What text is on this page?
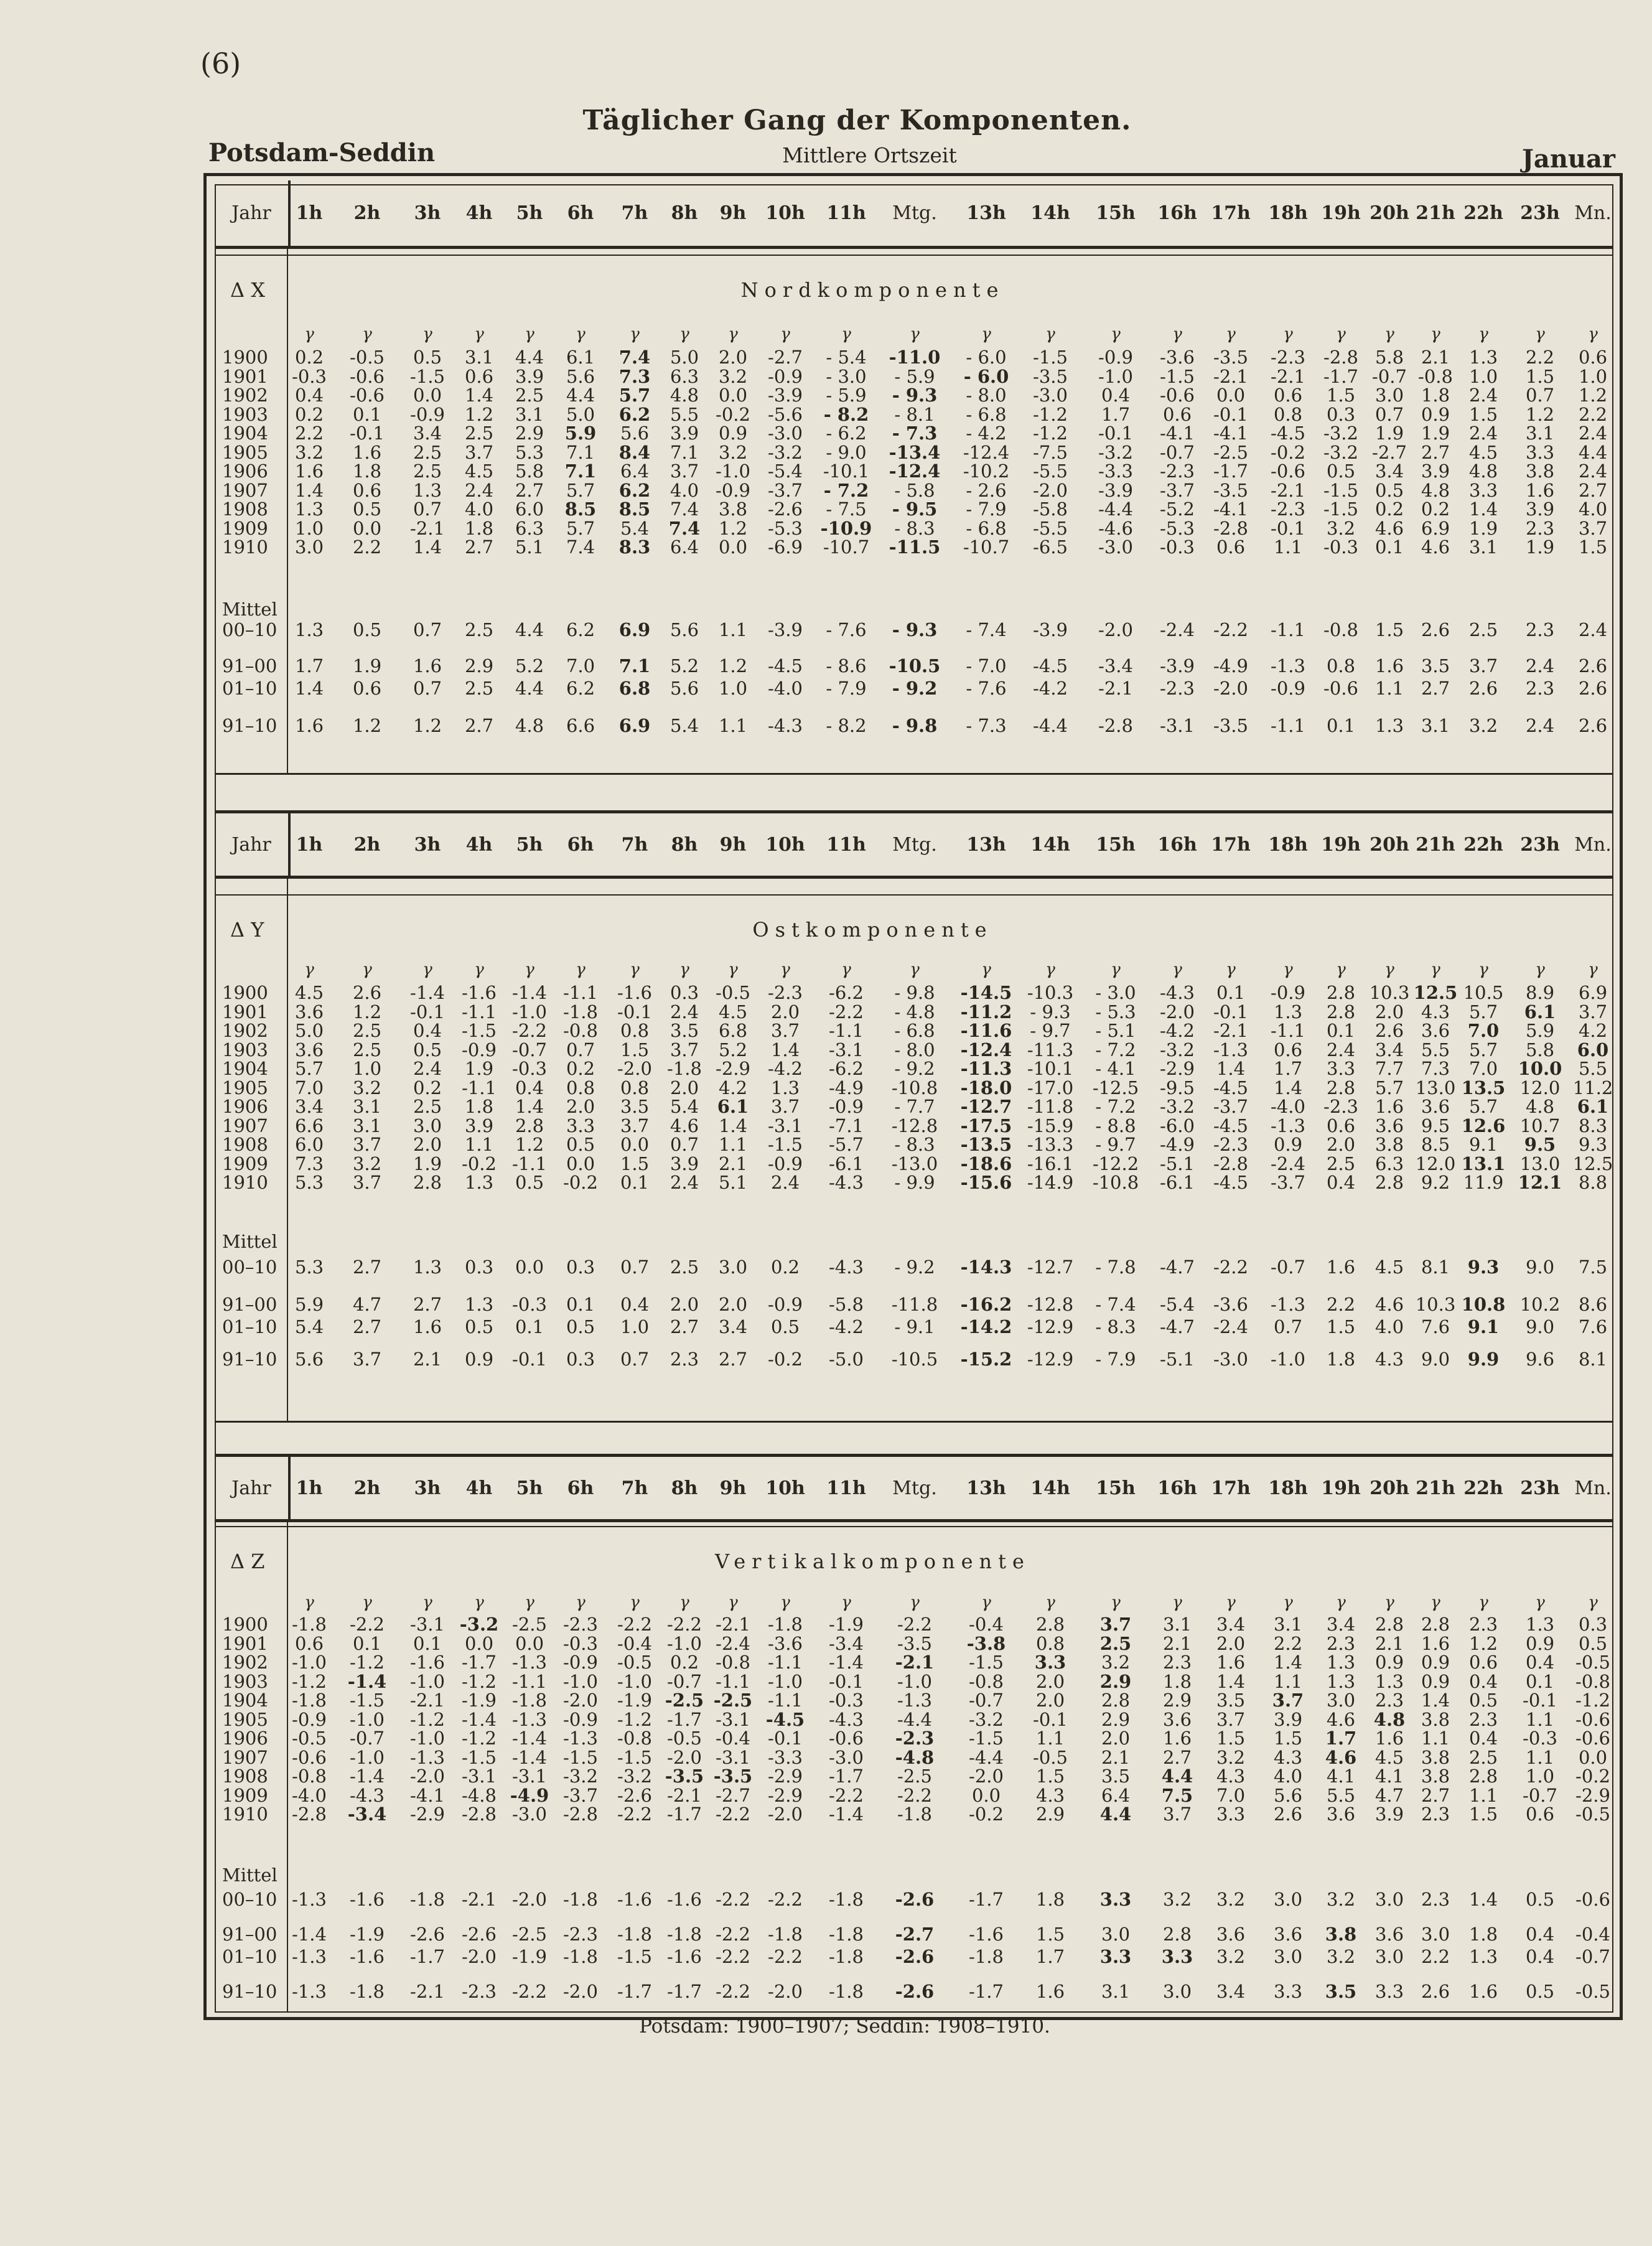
(6)
Täglicher Gang der Komponenten.
Potsdam-Seddin	Mittlere Ortszeit	Januar
Jahr	1h	2h	3h	4h	5h	6h	7h	8h	9h	10h	11h	Mtg.	13h	14h	15h	16h 17h 18h 19h 20h 21h 22h 23h Mn.
Δ X	Nordkomponente
γ	γ	γ	γ	γ	γ	γ	γ	γ	γ	γ	γ	γ	γ	γ	γ	γ	γ	γ	γ	γ	γ	γ	γ
1900	0.2	-0.5	0.5	3.1	4.4	6.1	7.4	5.0	2.0	-2.7	- 5.4	-11.0	- 6.0	-1.5	-0.9	-3.6	-3.5	-2.3	-2.8 5.8 2.1	1.3	2.2	0.6
1901	-0.3	-0.6	-1.5	0.6	3.9	5.6	7.3	6.3	3.2	-0.9	- 3.0	- 5.9	- 6.0	-3.5	-1.0	-1.5	-2.1	-2.1	-1.7 -0.7 -0.8 1.0	1.5	1.0
1902	0.4	-0.6	0.0	1.4	2.5	4.4	5.7	4.8	0.0	-3.9	- 5.9	- 9.3	- 8.0	-3.0	0.4	-0.6	0.0	0.6	1.5	3.0 1.8	2.4	0.7	1.2
1903	0.2	0.1	-0.9	1.2	3.1	5.0	6.2	5.5 -0.2 -5.6	- 8.2	- 8.1	- 6.8	-1.2	1.7	0.6	-0.1	0.8	0.3	0.7 0.9	1.5	1.2	2.2
1904	2.2	-0.1	3.4	2.5	2.9	5.9	5.6	3.9	0.9	-3.0	- 6.2	- 7.3	- 4.2	-1.2	-0.1	-4.1	-4.1	-4.5	-3.2 1.9 1.9	2.4	3.1	2.4
1905	3.2	1.6	2.5	3.7	5.3	7.1	8.4	7.1	3.2	-3.2	- 9.0	-13.4 -12.4	-7.5	-3.2	-0.7	-2.5	-0.2	-3.2 -2.7 2.7	4.5	3.3	4.4
1906	1.6	1.8	2.5	4.5	5.8	7.1	6.4	3.7 -1.0 -5.4	-10.1 -12.4 -10.2	-5.5	-3.3	-2.3	-1.7	-0.6	0.5	3.4 3.9	4.8	3.8	2.4
1907	1.4	0.6	1.3	2.4	2.7	5.7	6.2	4.0 -0.9 -3.7	- 7.2	- 5.8	- 2.6	-2.0	-3.9	-3.7	-3.5	-2.1	-1.5 0.5 4.8	3.3	1.6	2.7
1908	1.3	0.5	0.7	4.0	6.0	8.5	8.5	7.4	3.8	-2.6	- 7.5	- 9.5	- 7.9	-5.8	-4.4	-5.2	-4.1	-2.3	-1.5 0.2 0.2	1.4	3.9	4.0
1909	1.0	0.0	-2.1	1.8	6.3	5.7	5.4	7.4	1.2	-5.3 -10.9	- 8.3	- 6.8	-5.5	-4.6	-5.3	-2.8	-0.1	3.2	4.6 6.9	1.9	2.3	3.7
1910	3.0	2.2	1.4	2.7	5.1	7.4	8.3	6.4	0.0	-6.9	-10.7 -11.5 -10.7	-6.5	-3.0	-0.3	0.6	1.1	-0.3 0.1 4.6	3.1	1.9	1.5
Mittel
00–10 1.3	0.5	0.7	2.5	4.4	6.2	6.9	5.6	1.1	-3.9	- 7.6	- 9.3	- 7.4	-3.9	-2.0	-2.4	-2.2	-1.1	-0.8 1.5 2.6	2.5	2.3	2.4
91–00 1.7	1.9	1.6	2.9	5.2	7.0	7.1	5.2	1.2	-4.5	- 8.6	-10.5	- 7.0	-4.5	-3.4	-3.9	-4.9	-1.3	0.8	1.6 3.5	3.7	2.4	2.6
01–10 1.4	0.6	0.7	2.5	4.4	6.2	6.8	5.6	1.0	-4.0	- 7.9	- 9.2	- 7.6	-4.2	-2.1	-2.3	-2.0	-0.9	-0.6 1.1 2.7	2.6	2.3	2.6
91–10 1.6	1.2	1.2	2.7	4.8	6.6	6.9	5.4	1.1	-4.3	- 8.2	- 9.8	- 7.3	-4.4	-2.8	-3.1	-3.5	-1.1	0.1	1.3 3.1	3.2	2.4	2.6
Jahr	1h	2h	3h	4h	5h	6h	7h	8h	9h	10h	11h	Mtg.	13h	14h	15h	16h 17h 18h 19h 20h 21h 22h 23h Mn.
Δ Y	Ostkomponente
γ	γ	γ	γ	γ	γ	γ	γ	γ	γ	γ	γ	γ	γ	γ	γ	γ	γ	γ	γ	γ	γ	γ	γ
1900	4.5	2.6	-1.4 -1.6 -1.4 -1.1	-1.6 0.3 -0.5 -2.3	-6.2	- 9.8	-14.5 -10.3	- 3.0	-4.3	0.1	-0.9	2.8 10.3 12.5 10.5	8.9	6.9
1901	3.6	1.2	-0.1 -1.1 -1.0 -1.8	-0.1 2.4	4.5	2.0	-2.2	- 4.8	-11.2	- 9.3	- 5.3	-2.0	-0.1	1.3	2.8	2.0 4.3	5.7	6.1	3.7
1902	5.0	2.5	0.4	-1.5 -2.2 -0.8	0.8	3.5	6.8	3.7	-1.1	- 6.8	-11.6	- 9.7	- 5.1	-4.2	-2.1	-1.1	0.1	2.6 3.6 7.0	5.9	4.2
1903	3.6	2.5	0.5	-0.9 -0.7	0.7	1.5	3.7	5.2	1.4	-3.1	- 8.0	-12.4 -11.3	- 7.2	-3.2	-1.3	0.6	2.4	3.4 5.5	5.7	5.8	6.0
1904	5.7	1.0	2.4	1.9	-0.3	0.2	-2.0 -1.8 -2.9 -4.2	-6.2	- 9.2	-11.3 -10.1	- 4.1	-2.9	1.4	1.7	3.3	7.7 7.3	7.0	10.0 5.5
1905	7.0	3.2	0.2	-1.1	0.4	0.8	0.8	2.0	4.2	1.3	-4.9	-10.8 -18.0 -17.0 -12.5	-9.5	-4.5	1.4	2.8	5.7 13.0 13.5 12.0 11.2
1906	3.4	3.1	2.5	1.8	1.4	2.0	3.5	5.4	6.1	3.7	-0.9	- 7.7	-12.7 -11.8	- 7.2	-3.2	-3.7	-4.0	-2.3 1.6 3.6	5.7	4.8	6.1
1907	6.6	3.1	3.0	3.9	2.8	3.3	3.7	4.6	1.4	-3.1	-7.1	-12.8 -17.5 -15.9	- 8.8	-6.0	-4.5	-1.3	0.6	3.6 9.5 12.6 10.7	8.3
1908	6.0	3.7	2.0	1.1	1.2	0.5	0.0	0.7	1.1	-1.5	-5.7	- 8.3	-13.5 -13.3	- 9.7	-4.9	-2.3	0.9	2.0	3.8 8.5	9.1	9.5	9.3
1909	7.3	3.2	1.9	-0.2 -1.1	0.0	1.5	3.9	2.1	-0.9	-6.1	-13.0 -18.6 -16.1 -12.2	-5.1	-2.8	-2.4	2.5	6.3 12.0 13.1 13.0 12.5
1910	5.3	3.7	2.8	1.3	0.5	-0.2	0.1	2.4	5.1	2.4	-4.3	- 9.9	-15.6 -14.9 -10.8	-6.1	-4.5	-3.7	0.4	2.8 9.2 11.9 12.1 8.8
Mittel
00–10 5.3	2.7	1.3	0.3	0.0	0.3	0.7	2.5	3.0	0.2	-4.3	- 9.2	-14.3 -12.7	- 7.8	-4.7	-2.2	-0.7	1.6	4.5 8.1 9.3	9.0	7.5
91–00 5.9	4.7	2.7	1.3	-0.3	0.1	0.4	2.0	2.0	-0.9	-5.8	-11.8 -16.2 -12.8	- 7.4	-5.4	-3.6	-1.3	2.2	4.6 10.3 10.8 10.2	8.6
01–10 5.4	2.7	1.6	0.5	0.1	0.5	1.0	2.7	3.4	0.5	-4.2	- 9.1	-14.2 -12.9	- 8.3	-4.7	-2.4	0.7	1.5	4.0 7.6 9.1	9.0	7.6
91–10 5.6	3.7	2.1	0.9	-0.1	0.3	0.7	2.3	2.7	-0.2	-5.0	-10.5 -15.2 -12.9	- 7.9	-5.1	-3.0	-1.0	1.8	4.3 9.0 9.9	9.6	8.1
Jahr	1h	2h	3h	4h	5h	6h	7h	8h	9h	10h	11h	Mtg.	13h	14h	15h	16h 17h 18h 19h 20h 21h 22h 23h Mn.
Δ Z	Vertikalkomponente
γ	γ	γ	γ	γ	γ	γ	γ	γ	γ	γ	γ	γ	γ	γ	γ	γ	γ	γ	γ	γ	γ	γ	γ
1900	-1.8	-2.2	-3.1 -3.2 -2.5 -2.3	-2.2 -2.2 -2.1 -1.8	-1.9	-2.2	-0.4	2.8	3.7	3.1	3.4	3.1	3.4	2.8 2.8	2.3	1.3	0.3
1901	0.6	0.1	0.1	0.0	0.0	-0.3	-0.4 -1.0 -2.4 -3.6	-3.4	-3.5	-3.8	0.8	2.5	2.1	2.0	2.2	2.3	2.1 1.6	1.2	0.9	0.5
1902	-1.0	-1.2	-1.6 -1.7 -1.3 -0.9	-0.5 0.2 -0.8 -1.1	-1.4	-2.1	-1.5	3.3	3.2	2.3	1.6	1.4	1.3	0.9 0.9	0.6	0.4	-0.5
1903	-1.2	-1.4	-1.0 -1.2 -1.1 -1.0	-1.0 -0.7 -1.1 -1.0	-0.1	-1.0	-0.8	2.0	2.9	1.8	1.4	1.1	1.3	1.3 0.9	0.4	0.1	-0.8
1904	-1.8	-1.5	-2.1 -1.9 -1.8 -2.0	-1.9 -2.5 -2.5 -1.1	-0.3	-1.3	-0.7	2.0	2.8	2.9	3.5	3.7	3.0	2.3 1.4	0.5	-0.1	-1.2
1905	-0.9	-1.0	-1.2 -1.4 -1.3 -0.9	-1.2 -1.7 -3.1 -4.5	-4.3	-4.4	-3.2	-0.1	2.9	3.6	3.7	3.9	4.6	4.8 3.8	2.3	1.1	-0.6
1906	-0.5	-0.7	-1.0 -1.2 -1.4 -1.3	-0.8 -0.5 -0.4 -0.1	-0.6	-2.3	-1.5	1.1	2.0	1.6	1.5	1.5	1.7	1.6 1.1	0.4	-0.3	-0.6
1907	-0.6	-1.0	-1.3 -1.5 -1.4 -1.5	-1.5 -2.0 -3.1 -3.3	-3.0	-4.8	-4.4	-0.5	2.1	2.7	3.2	4.3	4.6	4.5 3.8	2.5	1.1	0.0
1908	-0.8	-1.4	-2.0 -3.1 -3.1 -3.2	-3.2 -3.5 -3.5 -2.9	-1.7	-2.5	-2.0	1.5	3.5	4.4	4.3	4.0	4.1	4.1 3.8	2.8	1.0	-0.2
1909	-4.0	-4.3	-4.1 -4.8 -4.9 -3.7	-2.6 -2.1 -2.7 -2.9	-2.2	-2.2	0.0	4.3	6.4	7.5	7.0	5.6	5.5	4.7 2.7	1.1	-0.7	-2.9
1910	-2.8	-3.4	-2.9 -2.8 -3.0 -2.8	-2.2 -1.7 -2.2 -2.0	-1.4	-1.8	-0.2	2.9	4.4	3.7	3.3	2.6	3.6	3.9 2.3	1.5	0.6	-0.5
Mittel
00–10 -1.3	-1.6	-1.8 -2.1 -2.0 -1.8	-1.6 -1.6 -2.2 -2.2	-1.8	-2.6	-1.7	1.8	3.3	3.2	3.2	3.0	3.2	3.0 2.3	1.4	0.5	-0.6
91–00 -1.4	-1.9	-2.6 -2.6 -2.5 -2.3	-1.8 -1.8 -2.2 -1.8	-1.8	-2.7	-1.6	1.5	3.0	2.8	3.6	3.6	3.8	3.6 3.0	1.8	0.4	-0.4
01–10 -1.3	-1.6	-1.7 -2.0 -1.9 -1.8	-1.5 -1.6 -2.2 -2.2	-1.8	-2.6	-1.8	1.7	3.3	3.3	3.2	3.0	3.2	3.0 2.2	1.3	0.4	-0.7
91–10 -1.3	-1.8	-2.1 -2.3 -2.2 -2.0	-1.7 -1.7 -2.2 -2.0	-1.8	-2.6	-1.7	1.6	3.1	3.0	3.4	3.3	3.5	3.3 2.6	1.6	0.5	-0.5
Potsdam: 1900–1907; Seddin: 1908–1910.
